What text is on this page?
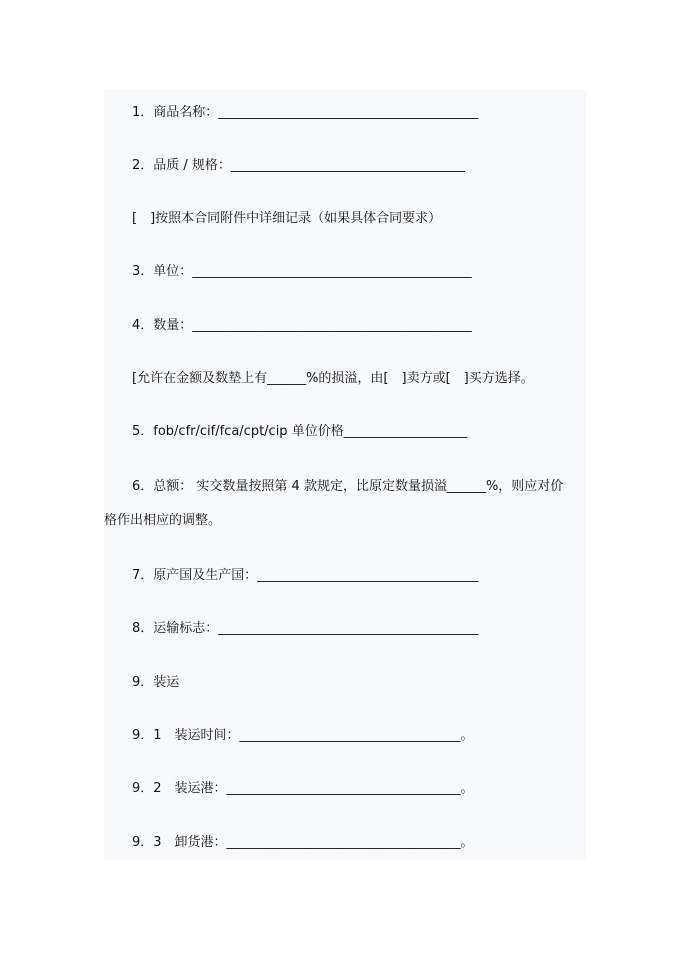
1．商品名称：________________________________________
2．品质 / 规格：____________________________________
[　]按照本合同附件中详细记录（如果具体合同要求）
3．单位：___________________________________________
4．数量：___________________________________________
[允许在金额及数墊上有______%的损溢，由[　]卖方或[　]买方选择。
5．fob/cfr/cif/fca/cpt/cip 单位价格___________________
6．总额： 实交数量按照第 4 款规定，比原定数量损溢______%，则应对价
格作出相应的调整。
7．原产国及生产国：__________________________________
8．运输标志：________________________________________
9．装运
9．1　装运时间：__________________________________。
9．2　装运港：____________________________________。
9．3　卸货港：____________________________________。
